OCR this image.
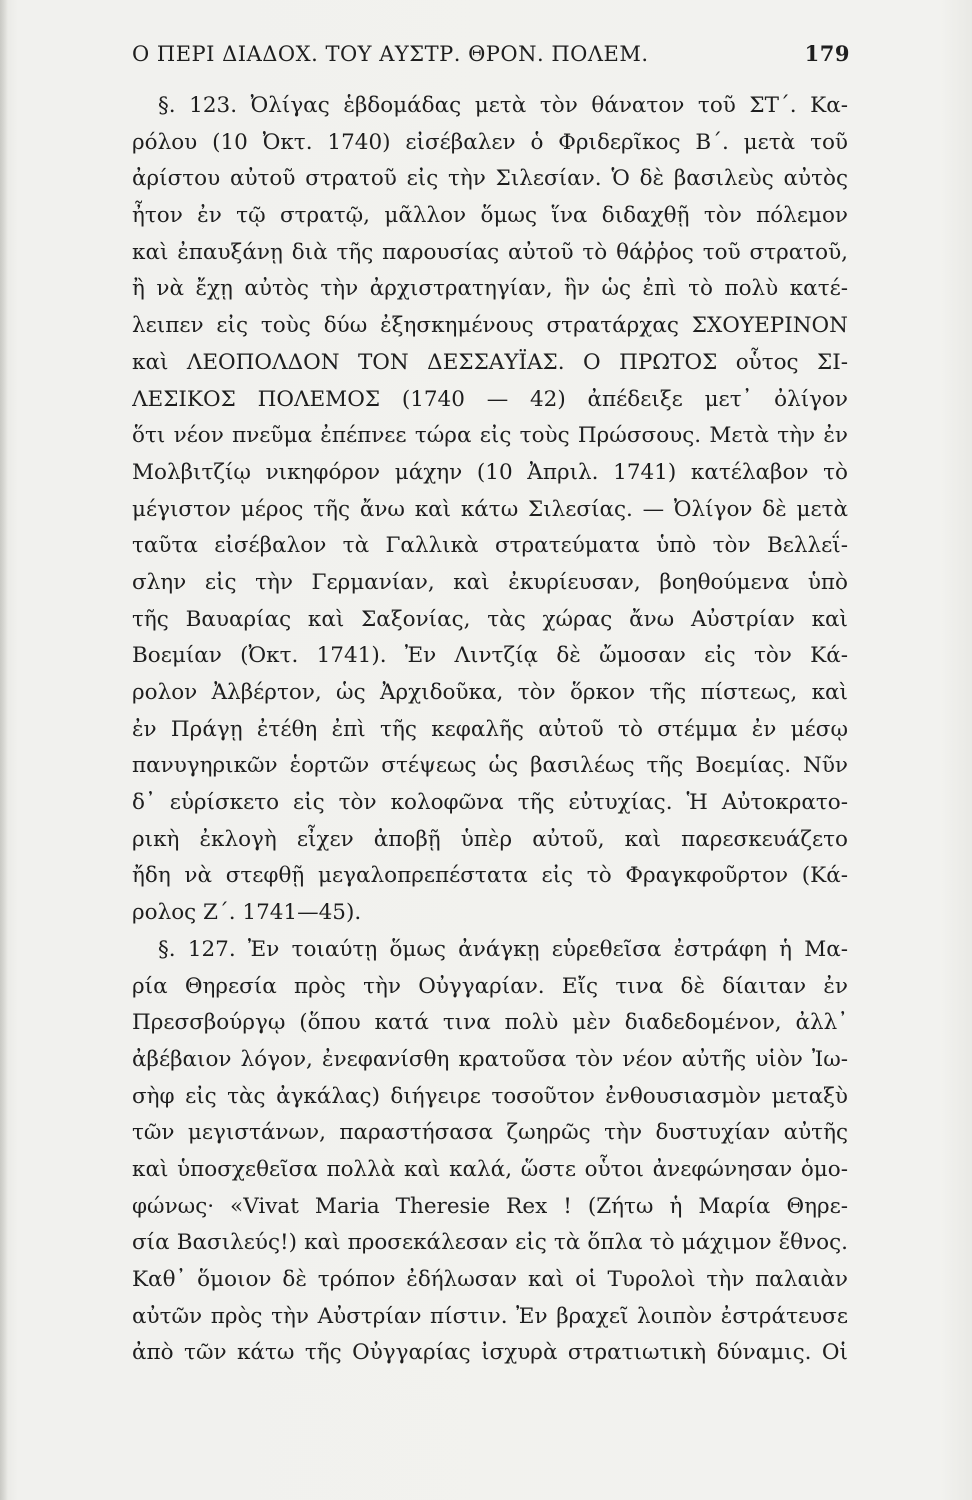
Ο ΠΕΡΙ ΔΙΑΔΟΧ. ΤΟΥ ΑΥΣΤΡ. ΘΡΟΝ. ΠΟΛΕΜ.	179
§. 123. Ὀλίγας ἑβδομάδας μετὰ τὸν θάνατον τοῦ ΣΤ΄. Κα-
ρόλου (10 Ὀκτ. 1740) εἰσέβαλεν ὁ Φριδερῖκος Β΄. μετὰ τοῦ
ἀρίστου αὐτοῦ στρατοῦ εἰς τὴν Σιλεσίαν. Ὁ δὲ βασιλεὺς αὐτὸς
ἦτον ἐν τῷ στρατῷ, μᾶλλον ὅμως ἵνα διδαχθῇ τὸν πόλεμον
καὶ ἐπαυξάνῃ διὰ τῆς παρουσίας αὐτοῦ τὸ θάῤῥος τοῦ στρατοῦ,
ἢ νὰ ἔχῃ αὐτὸς τὴν ἀρχιστρατηγίαν, ἣν ὡς ἐπὶ τὸ πολὺ κατέ-
λειπεν εἰς τοὺς δύω ἐξησκημένους στρατάρχας ΣΧΟΥΕΡΙΝΟΝ
καὶ ΛΕΟΠΟΛΔΟΝ ΤΟΝ ΔΕΣΣΑΥΪΑΣ. Ο ΠΡΩΤΟΣ οὗτος ΣΙ-
ΛΕΣΙΚΟΣ ΠΟΛΕΜΟΣ (1740 — 42) ἀπέδειξε μετ᾽ ὀλίγον
ὅτι νέον πνεῦμα ἐπέπνεε τώρα εἰς τοὺς Πρώσσους. Μετὰ τὴν ἐν
Μολβιτζίῳ νικηφόρον μάχην (10 Ἀπριλ. 1741) κατέλαβον τὸ
μέγιστον μέρος τῆς ἄνω καὶ κάτω Σιλεσίας. — Ὀλίγον δὲ μετὰ
ταῦτα εἰσέβαλον τὰ Γαλλικὰ στρατεύματα ὑπὸ τὸν Βελλεΐ-
σλην εἰς τὴν Γερμανίαν, καὶ ἐκυρίευσαν, βοηθούμενα ὑπὸ
τῆς Βαυαρίας καὶ Σαξονίας, τὰς χώρας ἄνω Αὐστρίαν καὶ
Βοεμίαν (Ὀκτ. 1741). Ἐν Λιντζίᾳ δὲ ὤμοσαν εἰς τὸν Κά-
ρολον Ἀλβέρτον, ὡς Ἀρχιδοῦκα, τὸν ὅρκον τῆς πίστεως, καὶ
ἐν Πράγῃ ἐτέθη ἐπὶ τῆς κεφαλῆς αὐτοῦ τὸ στέμμα ἐν μέσῳ
πανυγηρικῶν ἑορτῶν στέψεως ὡς βασιλέως τῆς Βοεμίας. Νῦν
δ᾽ εὑρίσκετο εἰς τὸν κολοφῶνα τῆς εὐτυχίας. Ἡ Αὐτοκρατο-
ρικὴ ἐκλογὴ εἶχεν ἀποβῇ ὑπὲρ αὐτοῦ, καὶ παρεσκευάζετο
ἤδη νὰ στεφθῇ μεγαλοπρεπέστατα εἰς τὸ Φραγκφοῦρτον (Κά-
ρολος Ζ΄. 1741—45).
§. 127. Ἐν τοιαύτῃ ὅμως ἀνάγκῃ εὑρεθεῖσα ἐστράφη ἡ Μα-
ρία Θηρεσία πρὸς τὴν Οὐγγαρίαν. Εἴς τινα δὲ δίαιταν ἐν
Πρεσσβούργῳ (ὅπου κατά τινα πολὺ μὲν διαδεδομένον, ἀλλ᾽
ἀβέβαιον λόγον, ἐνεφανίσθη κρατοῦσα τὸν νέον αὐτῆς υἱὸν Ἰω-
σὴφ εἰς τὰς ἀγκάλας) διήγειρε τοσοῦτον ἐνθουσιασμὸν μεταξὺ
τῶν μεγιστάνων, παραστήσασα ζωηρῶς τὴν δυστυχίαν αὐτῆς
καὶ ὑποσχεθεῖσα πολλὰ καὶ καλά, ὥστε οὗτοι ἀνεφώνησαν ὁμο-
φώνως· «Vivat Maria Theresie Rex ! (Ζήτω ἡ Μαρία Θηρε-
σία Βασιλεύς!) καὶ προσεκάλεσαν εἰς τὰ ὅπλα τὸ μάχιμον ἔθνος.
Καθ᾽ ὅμοιον δὲ τρόπον ἐδήλωσαν καὶ οἱ Τυρολοὶ τὴν παλαιὰν
αὐτῶν πρὸς τὴν Αὐστρίαν πίστιν. Ἐν βραχεῖ λοιπὸν ἐστράτευσε
ἀπὸ τῶν κάτω τῆς Οὐγγαρίας ἰσχυρὰ στρατιωτικὴ δύναμις. Οἱ
